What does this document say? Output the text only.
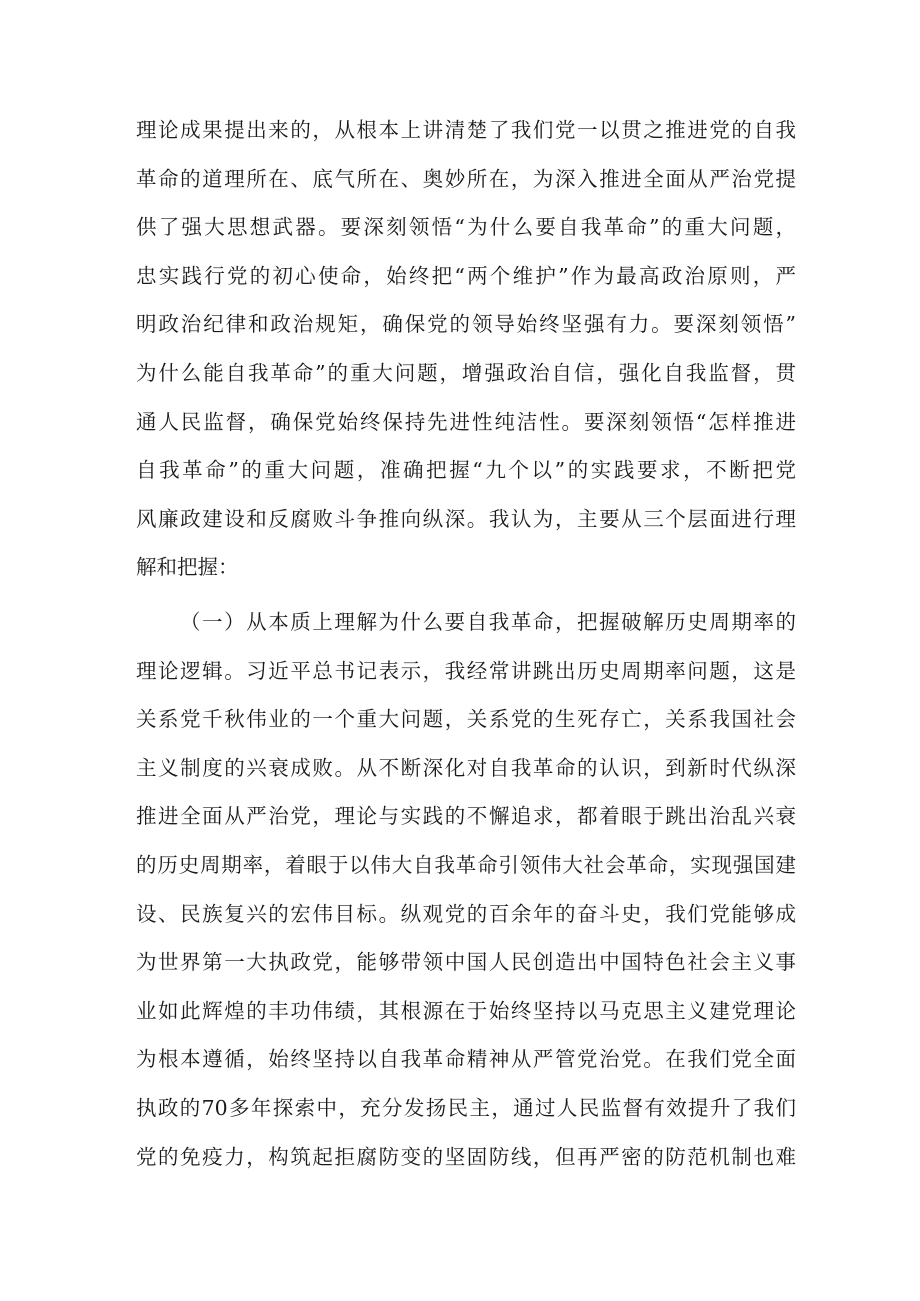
理论成果提出来的，从根本上讲清楚了我们党一以贯之推进党的自我
革命的道理所在、底气所在、奥妙所在，为深入推进全面从严治党提
供了强大思想武器。要深刻领悟“为什么要自我革命”的重大问题，
忠实践行党的初心使命，始终把“两个维护”作为最高政治原则，严
明政治纪律和政治规矩，确保党的领导始终坚强有力。要深刻领悟”
为什么能自我革命”的重大问题，增强政治自信，强化自我监督，贯
通人民监督，确保党始终保持先进性纯洁性。要深刻领悟“怎样推进
自我革命”的重大问题，准确把握“九个以”的实践要求，不断把党
风廉政建设和反腐败斗争推向纵深。我认为，主要从三个层面进行理
解和把握：
（一）从本质上理解为什么要自我革命，把握破解历史周期率的
理论逻辑。习近平总书记表示，我经常讲跳出历史周期率问题，这是
关系党千秋伟业的一个重大问题，关系党的生死存亡，关系我国社会
主义制度的兴衰成败。从不断深化对自我革命的认识，到新时代纵深
推进全面从严治党，理论与实践的不懈追求，都着眼于跳出治乱兴衰
的历史周期率，着眼于以伟大自我革命引领伟大社会革命，实现强国建
设、民族复兴的宏伟目标。纵观党的百余年的奋斗史，我们党能够成
为世界第一大执政党，能够带领中国人民创造出中国特色社会主义事
业如此辉煌的丰功伟绩，其根源在于始终坚持以马克思主义建党理论
为根本遵循，始终坚持以自我革命精神从严管党治党。在我们党全面
执政的70多年探索中，充分发扬民主，通过人民监督有效提升了我们
党的免疫力，构筑起拒腐防变的坚固防线，但再严密的防范机制也难
